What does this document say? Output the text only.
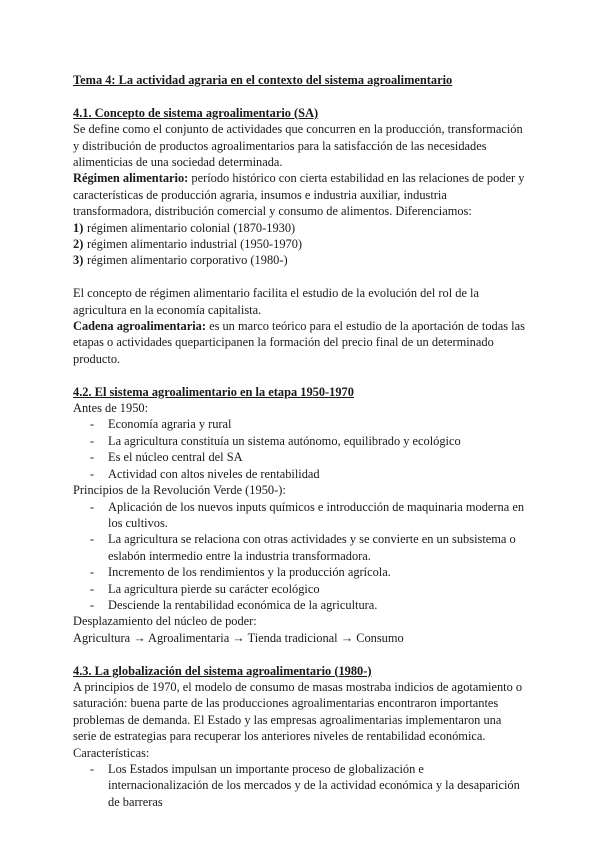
Tema 4: La actividad agraria en el contexto del sistema agroalimentario

4.1. Concepto de sistema agroalimentario (SA)

Se define como el conjunto de actividades que concurren en la producción, transformación y distribución de productos agroalimentarios para la satisfacción de las necesidades alimenticias de una sociedad determinada.

Régimen alimentario: período histórico con cierta estabilidad en las relaciones de poder y características de producción agraria, insumos e industria auxiliar, industria transformadora, distribución comercial y consumo de alimentos. Diferenciamos:

1) régimen alimentario colonial (1870-1930)
2) régimen alimentario industrial (1950-1970)
3) régimen alimentario corporativo (1980-)

El concepto de régimen alimentario facilita el estudio de la evolución del rol de la agricultura en la economía capitalista.

Cadena agroalimentaria: es un marco teórico para el estudio de la aportación de todas las etapas o actividades queparticipanen la formación del precio final de un determinado producto.

4.2. El sistema agroalimentario en la etapa 1950-1970

Antes de 1950:

- Economía agraria y rural
- La agricultura constituía un sistema autónomo, equilibrado y ecológico
- Es el núcleo central del SA
- Actividad con altos niveles de rentabilidad

Principios de la Revolución Verde (1950-):

- Aplicación de los nuevos inputs químicos e introducción de maquinaria moderna en los cultivos.
- La agricultura se relaciona con otras actividades y se convierte en un subsistema o eslabón intermedio entre la industria transformadora.
- Incremento de los rendimientos y la producción agrícola.
- La agricultura pierde su carácter ecológico
- Desciende la rentabilidad económica de la agricultura.

Desplazamiento del núcleo de poder:

Agricultura → Agroalimentaria → Tienda tradicional → Consumo

4.3. La globalización del sistema agroalimentario (1980-)

A principios de 1970, el modelo de consumo de masas mostraba indicios de agotamiento o saturación: buena parte de las producciones agroalimentarias encontraron importantes problemas de demanda. El Estado y las empresas agroalimentarias implementaron una serie de estrategias para recuperar los anteriores niveles de rentabilidad económica.

Características:

- Los Estados impulsan un importante proceso de globalización e internacionalización de los mercados y de la actividad económica y la desaparición de barreras
